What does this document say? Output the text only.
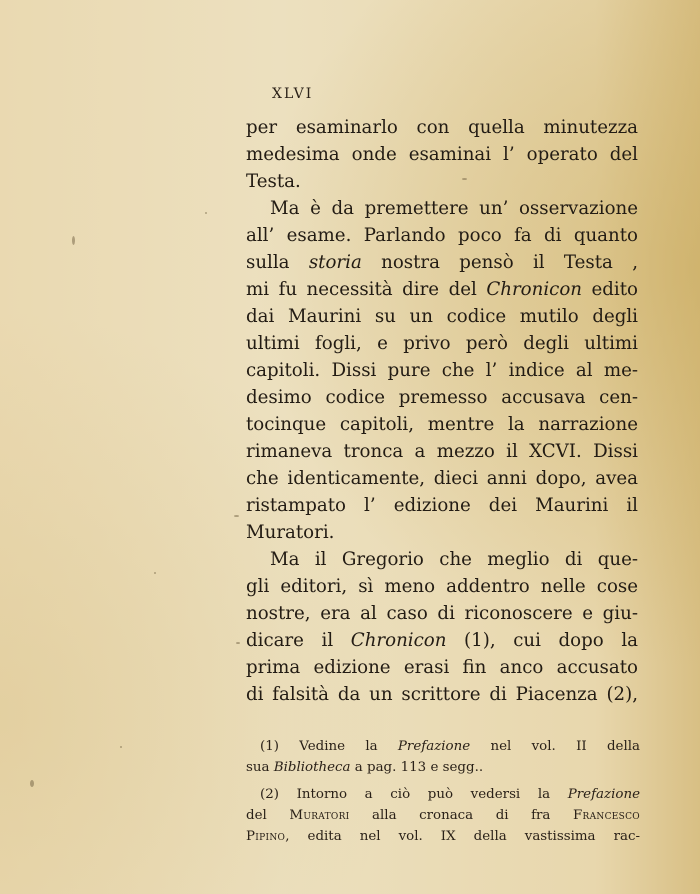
XLVI
per esaminarlo con quella minutezza
medesima onde esaminai l’ operato del
Testa.
Ma è da premettere un’ osservazione
all’ esame. Parlando poco fa di quanto
sulla storia nostra pensò il Testa ,
mi fu necessità dire del Chronicon edito
dai Maurini su un codice mutilo degli
ultimi fogli, e privo però degli ultimi
capitoli. Dissi pure che l’ indice al me-
desimo codice premesso accusava cen-
tocinque capitoli, mentre la narrazione
rimaneva tronca a mezzo il XCVI. Dissi
che identicamente, dieci anni dopo, avea
ristampato l’ edizione dei Maurini il
Muratori.
Ma il Gregorio che meglio di que-
gli editori, sì meno addentro nelle cose
nostre, era al caso di riconoscere e giu-
dicare il Chronicon (1), cui dopo la
prima edizione erasi fin anco accusato
di falsità da un scrittore di Piacenza (2),
(1) Vedine la Prefazione nel vol. II della
sua Bibliotheca a pag. 113 e segg..
(2) Intorno a ciò può vedersi la Prefazione
del Muratori alla cronaca di fra Francesco
Pipino, edita nel vol. IX della vastissima rac-
